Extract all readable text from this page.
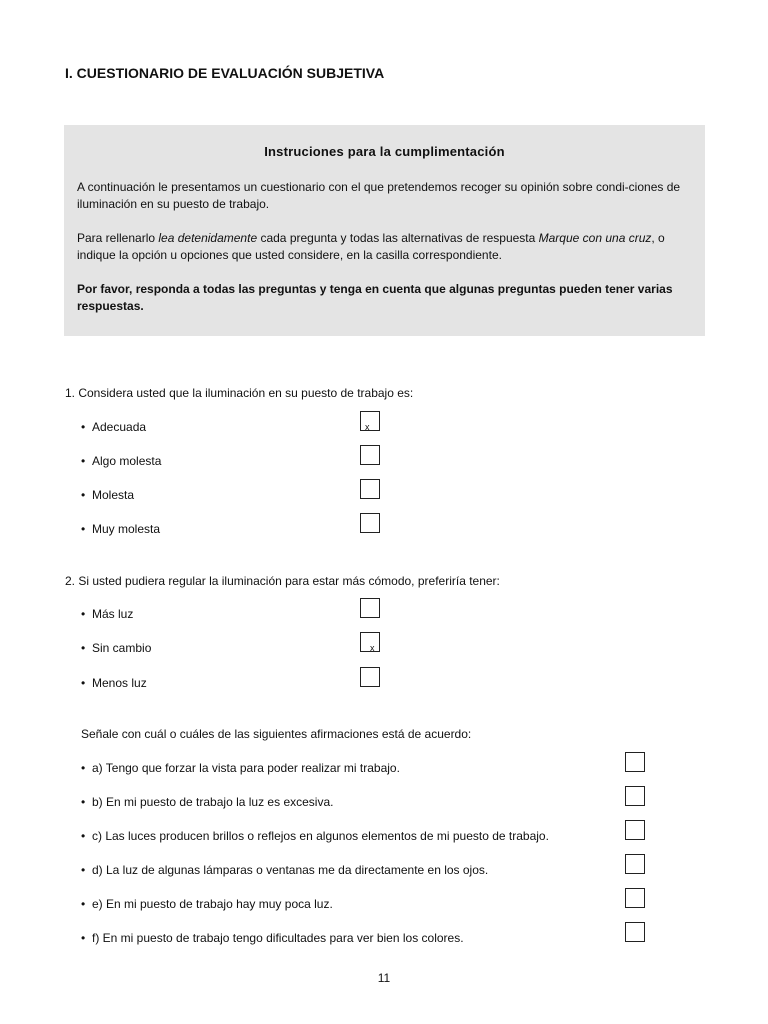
I. CUESTIONARIO DE EVALUACIÓN SUBJETIVA
Instruciones para la cumplimentación
A continuación le presentamos un cuestionario con el que pretendemos recoger su opinión sobre condi-ciones de iluminación en su puesto de trabajo.
Para rellenarlo lea detenidamente cada pregunta y todas las alternativas de respuesta Marque con una cruz, o indique la opción u opciones que usted considere, en la casilla correspondiente.
Por favor, responda a todas las preguntas y tenga en cuenta que algunas preguntas pueden tener varias respuestas.
1. Considera usted que la iluminación en su puesto de trabajo es:
• Adecuada	x
• Algo molesta
• Molesta
• Muy molesta
2. Si usted pudiera regular la iluminación para estar más cómodo, preferiría tener:
• Más luz
• Sin cambio	x
• Menos luz
Señale con cuál o cuáles de las siguientes afirmaciones está de acuerdo:
• a) Tengo que forzar la vista para poder realizar mi trabajo.
• b) En mi puesto de trabajo la luz es excesiva.
• c) Las luces producen brillos o reflejos en algunos elementos de mi puesto de trabajo.
• d) La luz de algunas lámparas o ventanas me da directamente en los ojos.
• e) En mi puesto de trabajo hay muy poca luz.
• f) En mi puesto de trabajo tengo dificultades para ver bien los colores.
11
